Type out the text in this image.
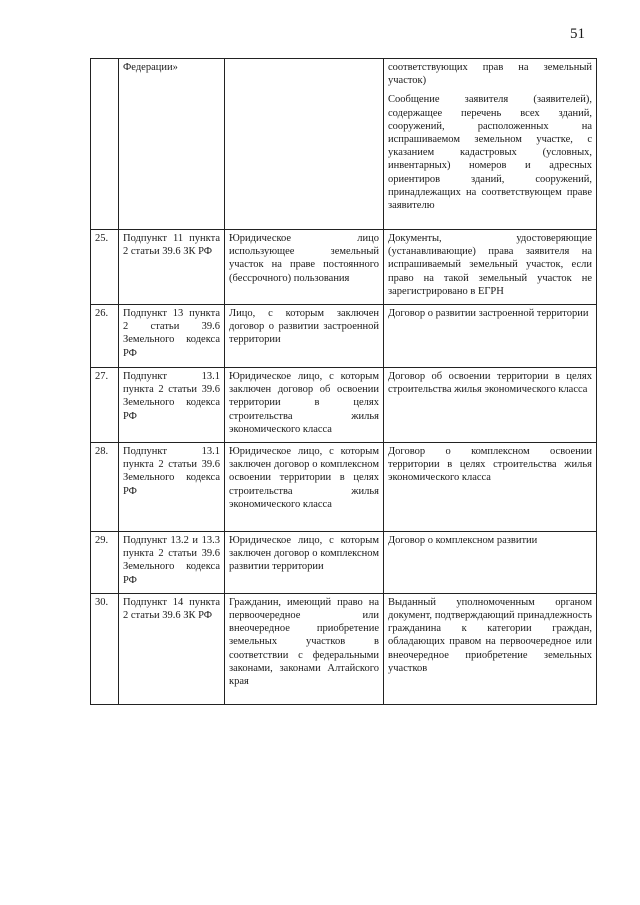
51
	Федерации»		соответствующих прав на земельный участок)

Сообщение заявителя (заявителей), содержащее перечень всех зданий, сооружений, расположенных на испрашиваемом земельном участке, с указанием кадастровых (условных, инвентарных) номеров и адресных ориентиров зданий, сооружений, принадлежащих на соответствующем праве заявителю

25.	Подпункт 11 пункта 2 статьи 39.6 ЗК РФ	Юридическое лицо использующее земельный участок на праве постоянного (бессрочного) пользования	Документы, удостоверяющие (устанавливающие) права заявителя на испрашиваемый земельный участок, если право на такой земельный участок не зарегистрировано в ЕГРН

26.	Подпункт 13 пункта 2 статьи 39.6 Земельного кодекса РФ	Лицо, с которым заключен договор о развитии застроенной территории	Договор о развитии застроенной территории

27.	Подпункт 13.1 пункта 2 статьи 39.6 Земельного кодекса РФ	Юридическое лицо, с которым заключен договор об освоении территории в целях строительства жилья экономического класса	Договор об освоении территории в целях строительства жилья экономического класса

28.	Подпункт 13.1 пункта 2 статьи 39.6 Земельного кодекса РФ	Юридическое лицо, с которым заключен договор о комплексном освоении территории в целях строительства жилья экономического класса	Договор о комплексном освоении территории в целях строительства жилья экономического класса

29.	Подпункт 13.2 и 13.3 пункта 2 статьи 39.6 Земельного кодекса РФ	Юридическое лицо, с которым заключен договор о комплексном развитии территории	Договор о комплексном развитии

30.	Подпункт 14 пункта 2 статьи 39.6 ЗК РФ	Гражданин, имеющий право на первоочередное или внеочередное приобретение земельных участков в соответствии с федеральными законами, законами Алтайского края	Выданный уполномоченным органом документ, подтверждающий принадлежность гражданина к категории граждан, обладающих правом на первоочередное или внеочередное приобретение земельных участков
